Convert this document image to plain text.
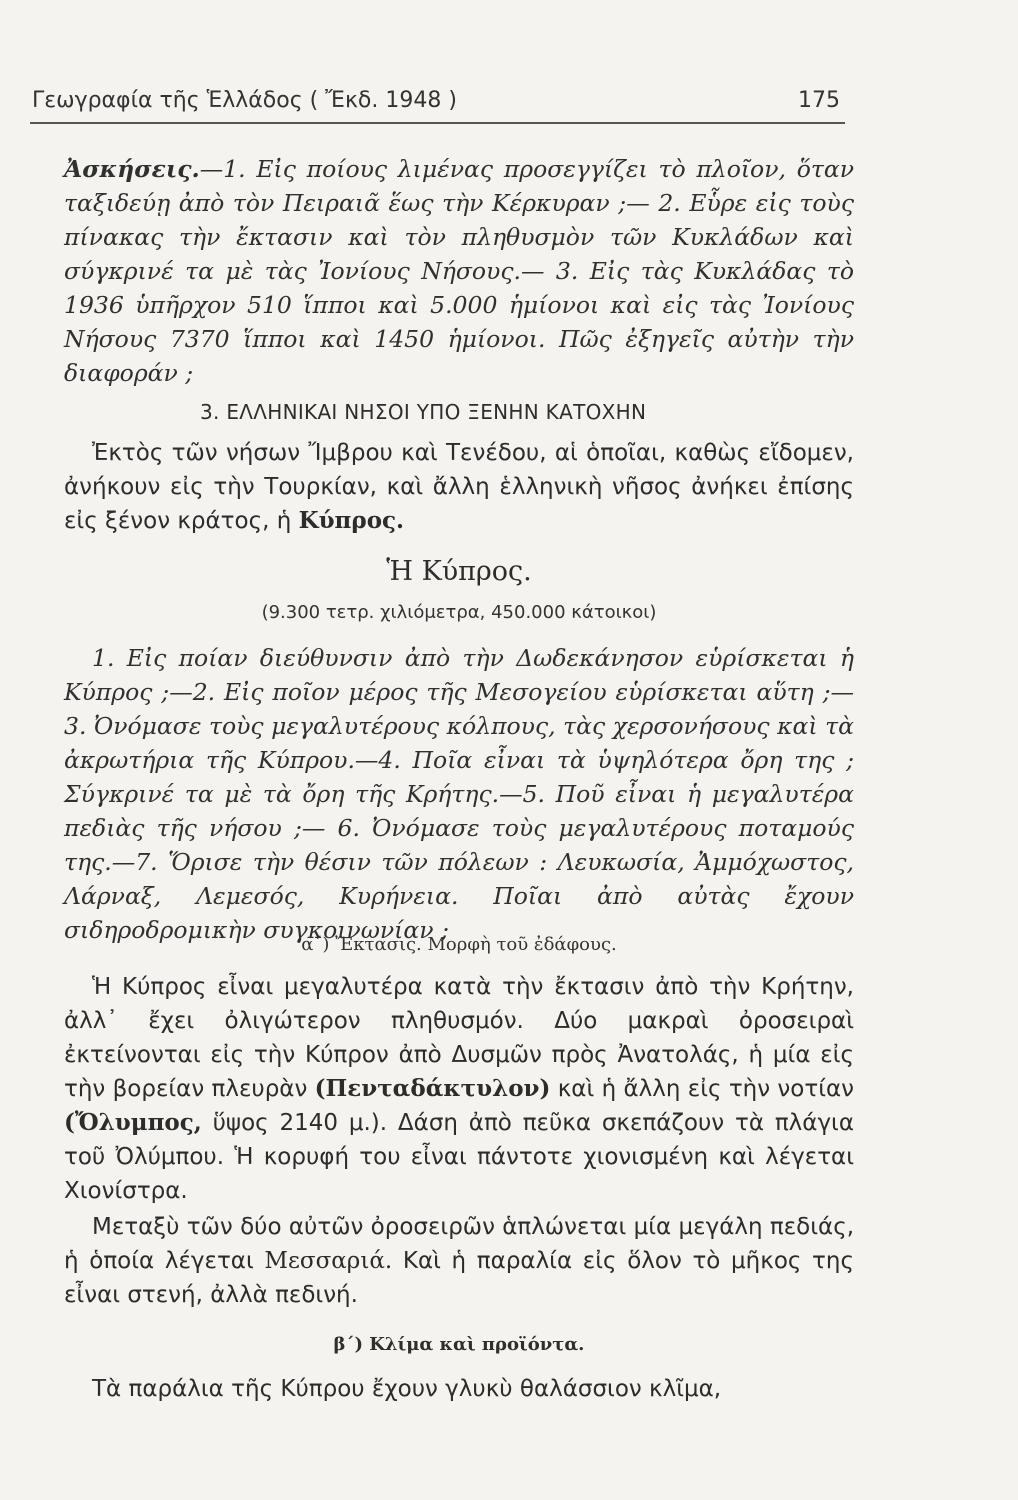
Γεωγραφία τῆς Ἑλλάδος ( Ἔκδ. 1948 )	175
Ἀσκήσεις.—1. Εἰς ποίους λιμένας προσεγγίζει τὸ πλοῖον, ὅταν ταξιδεύῃ ἀπὸ τὸν Πειραιᾶ ἕως τὴν Κέρκυραν ;— 2. Εὗρε εἰς τοὺς πίνακας τὴν ἔκτασιν καὶ τὸν πληθυσμὸν τῶν Κυκλάδων καὶ σύγκρινέ τα μὲ τὰς Ἰονίους Νήσους.— 3. Εἰς τὰς Κυκλάδας τὸ 1936 ὑπῆρχον 510 ἵπποι καὶ 5.000 ἡμίονοι καὶ εἰς τὰς Ἰονίους Νήσους 7370 ἵπποι καὶ 1450 ἡμίονοι. Πῶς ἐξηγεῖς αὐτὴν τὴν διαφοράν ;
3. ΕΛΛΗΝΙΚΑΙ ΝΗΣΟΙ ΥΠΟ ΞΕΝΗΝ ΚΑΤΟΧΗΝ
Ἐκτὸς τῶν νήσων Ἴμβρου καὶ Τενέδου, αἱ ὁποῖαι, καθὼς εἴδομεν, ἀνήκουν εἰς τὴν Τουρκίαν, καὶ ἄλλη ἑλληνικὴ νῆσος ἀνήκει ἐπίσης εἰς ξένον κράτος, ἡ Κύπρος.
Ἡ Κύπρος.
(9.300 τετρ. χιλιόμετρα, 450.000 κάτοικοι)
1. Εἰς ποίαν διεύθυνσιν ἀπὸ τὴν Δωδεκάνησον εὑρίσκεται ἡ Κύπρος ;—2. Εἰς ποῖον μέρος τῆς Μεσογείου εὑρίσκεται αὕτη ;—3. Ὀνόμασε τοὺς μεγαλυτέρους κόλπους, τὰς χερσονήσους καὶ τὰ ἀκρωτήρια τῆς Κύπρου.—4. Ποῖα εἶναι τὰ ὑψηλότερα ὄρη της ; Σύγκρινέ τα μὲ τὰ ὄρη τῆς Κρήτης.—5. Ποῦ εἶναι ἡ μεγαλυτέρα πεδιὰς τῆς νήσου ;— 6. Ὀνόμασε τοὺς μεγαλυτέρους ποταμούς της.—7. Ὅρισε τὴν θέσιν τῶν πόλεων : Λευκωσία, Ἀμμόχωστος, Λάρναξ, Λεμεσός, Κυρήνεια. Ποῖαι ἀπὸ αὐτὰς ἔχουν σιδηροδρομικὴν συγκοινωνίαν ;
α΄) Ἔκτασις. Μορφὴ τοῦ ἐδάφους.
Ἡ Κύπρος εἶναι μεγαλυτέρα κατὰ τὴν ἔκτασιν ἀπὸ τὴν Κρήτην, ἀλλ᾽ ἔχει ὀλιγώτερον πληθυσμόν. Δύο μακραὶ ὀροσειραὶ ἐκτείνονται εἰς τὴν Κύπρον ἀπὸ Δυσμῶν πρὸς Ἀνατολάς, ἡ μία εἰς τὴν βορείαν πλευρὰν (Πενταδάκτυλον) καὶ ἡ ἄλλη εἰς τὴν νοτίαν (Ὄλυμπος, ὕψος 2140 μ.). Δάση ἀπὸ πεῦκα σκεπάζουν τὰ πλάγια τοῦ Ὀλύμπου. Ἡ κορυφή του εἶναι πάντοτε χιονισμένη καὶ λέγεται Χιονίστρα.
Μεταξὺ τῶν δύο αὐτῶν ὀροσειρῶν ἁπλώνεται μία μεγάλη πεδιάς, ἡ ὁποία λέγεται Μεσσαριά. Καὶ ἡ παραλία εἰς ὅλον τὸ μῆκος της εἶναι στενή, ἀλλὰ πεδινή.
β΄) Κλίμα καὶ προϊόντα.
Τὰ παράλια τῆς Κύπρου ἔχουν γλυκὺ θαλάσσιον κλῖμα,
